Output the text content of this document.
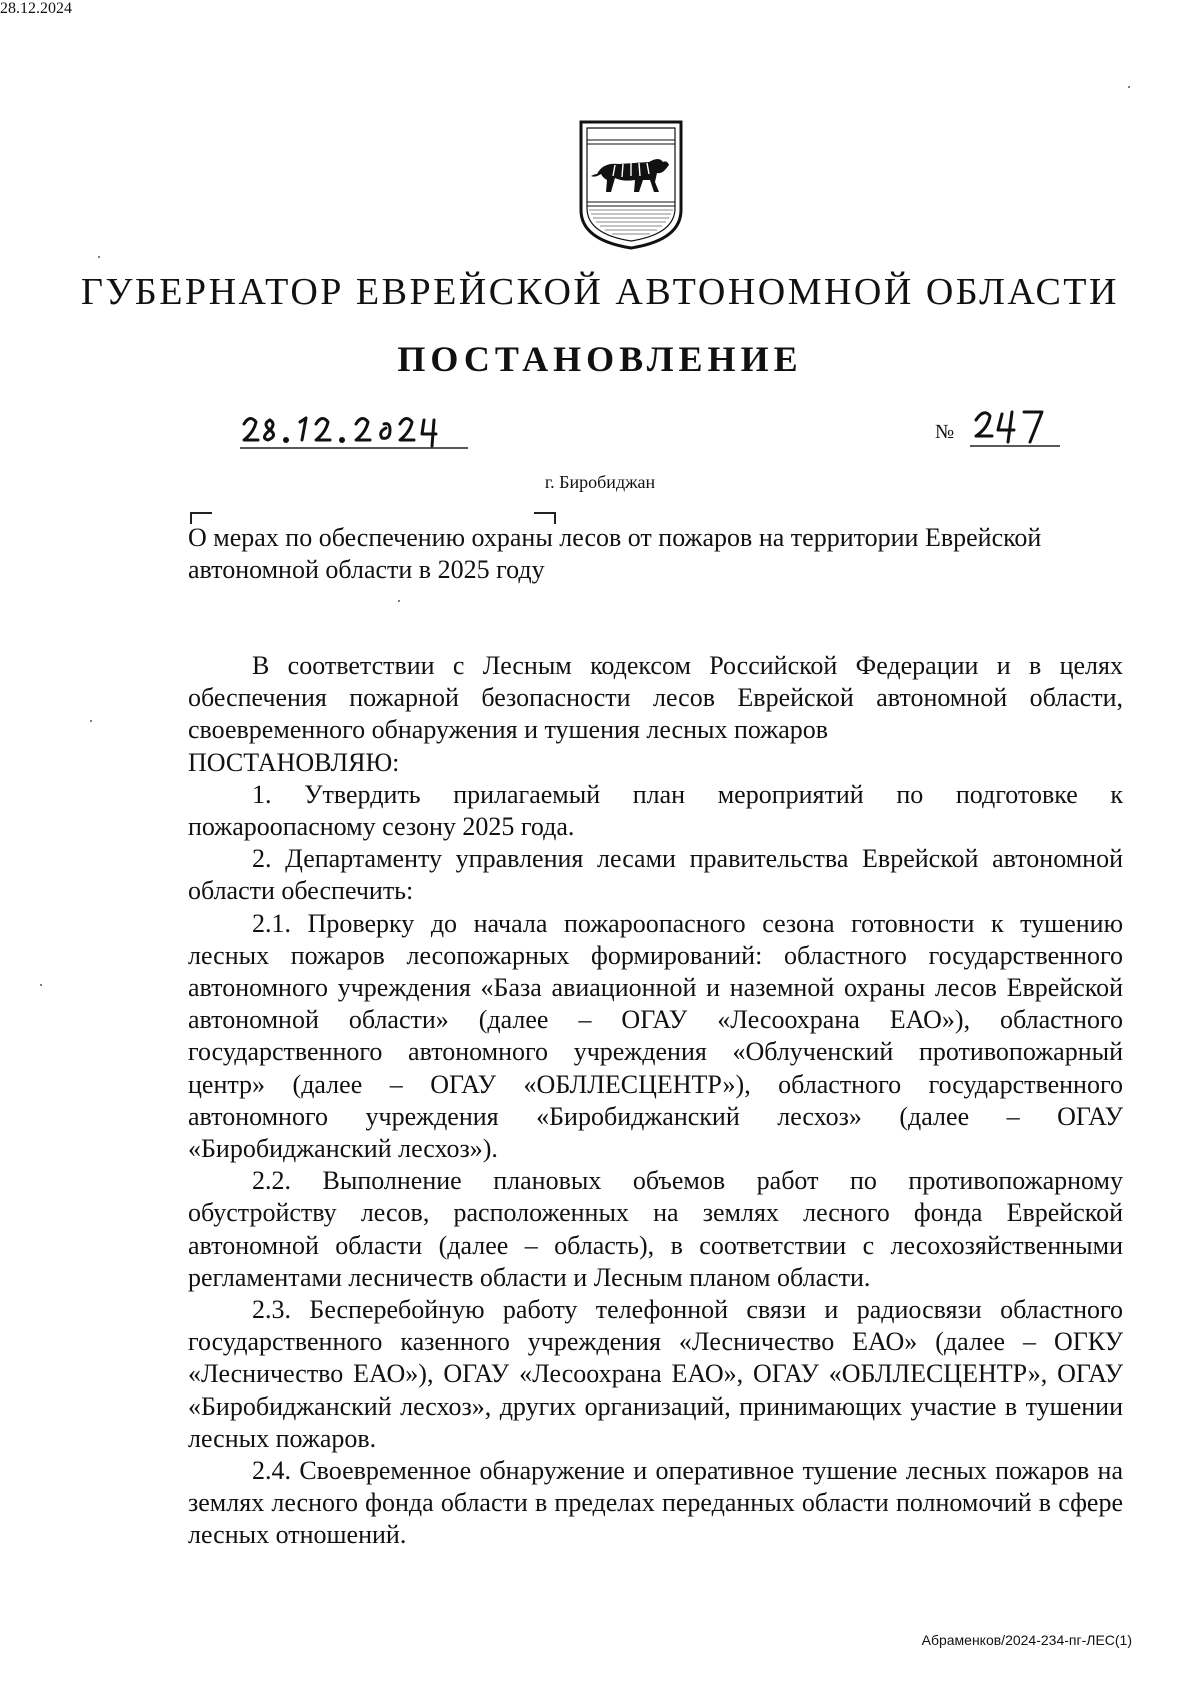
ГУБЕРНАТОР ЕВРЕЙСКОЙ АВТОНОМНОЙ ОБЛАСТИ
ПОСТАНОВЛЕНИЕ
28.12.2024
№
г. Биробиджан
О мерах по обеспечению охраны лесов от пожаров на территории Еврейской автономной области в 2025 году

В соответствии с Лесным кодексом Российской Федерации и в целях обеспечения пожарной безопасности лесов Еврейской автономной области, своевременного обнаружения и тушения лесных пожаров

ПОСТАНОВЛЯЮ:

1. Утвердить прилагаемый план мероприятий по подготовке к пожароопасному сезону 2025 года.

2. Департаменту управления лесами правительства Еврейской автономной области обеспечить:

2.1. Проверку до начала пожароопасного сезона готовности к тушению лесных пожаров лесопожарных формирований: областного государственного автономного учреждения «База авиационной и наземной охраны лесов Еврейской автономной области» (далее – ОГАУ «Лесоохрана ЕАО»), областного государственного автономного учреждения «Облученский противопожарный центр» (далее – ОГАУ «ОБЛЛЕСЦЕНТР»), областного государственного автономного учреждения «Биробиджанский лесхоз» (далее – ОГАУ «Биробиджанский лесхоз»).

2.2. Выполнение плановых объемов работ по противопожарному обустройству лесов, расположенных на землях лесного фонда Еврейской автономной области (далее – область), в соответствии с лесохозяйственными регламентами лесничеств области и Лесным планом области.

2.3. Бесперебойную работу телефонной связи и радиосвязи областного государственного казенного учреждения «Лесничество ЕАО» (далее – ОГКУ «Лесничество ЕАО»), ОГАУ «Лесоохрана ЕАО», ОГАУ «ОБЛЛЕСЦЕНТР», ОГАУ «Биробиджанский лесхоз», других организаций, принимающих участие в тушении лесных пожаров.

2.4. Своевременное обнаружение и оперативное тушение лесных пожаров на землях лесного фонда области в пределах переданных области полномочий в сфере лесных отношений.

Абраменков/2024-234-пг-ЛЕС(1)
